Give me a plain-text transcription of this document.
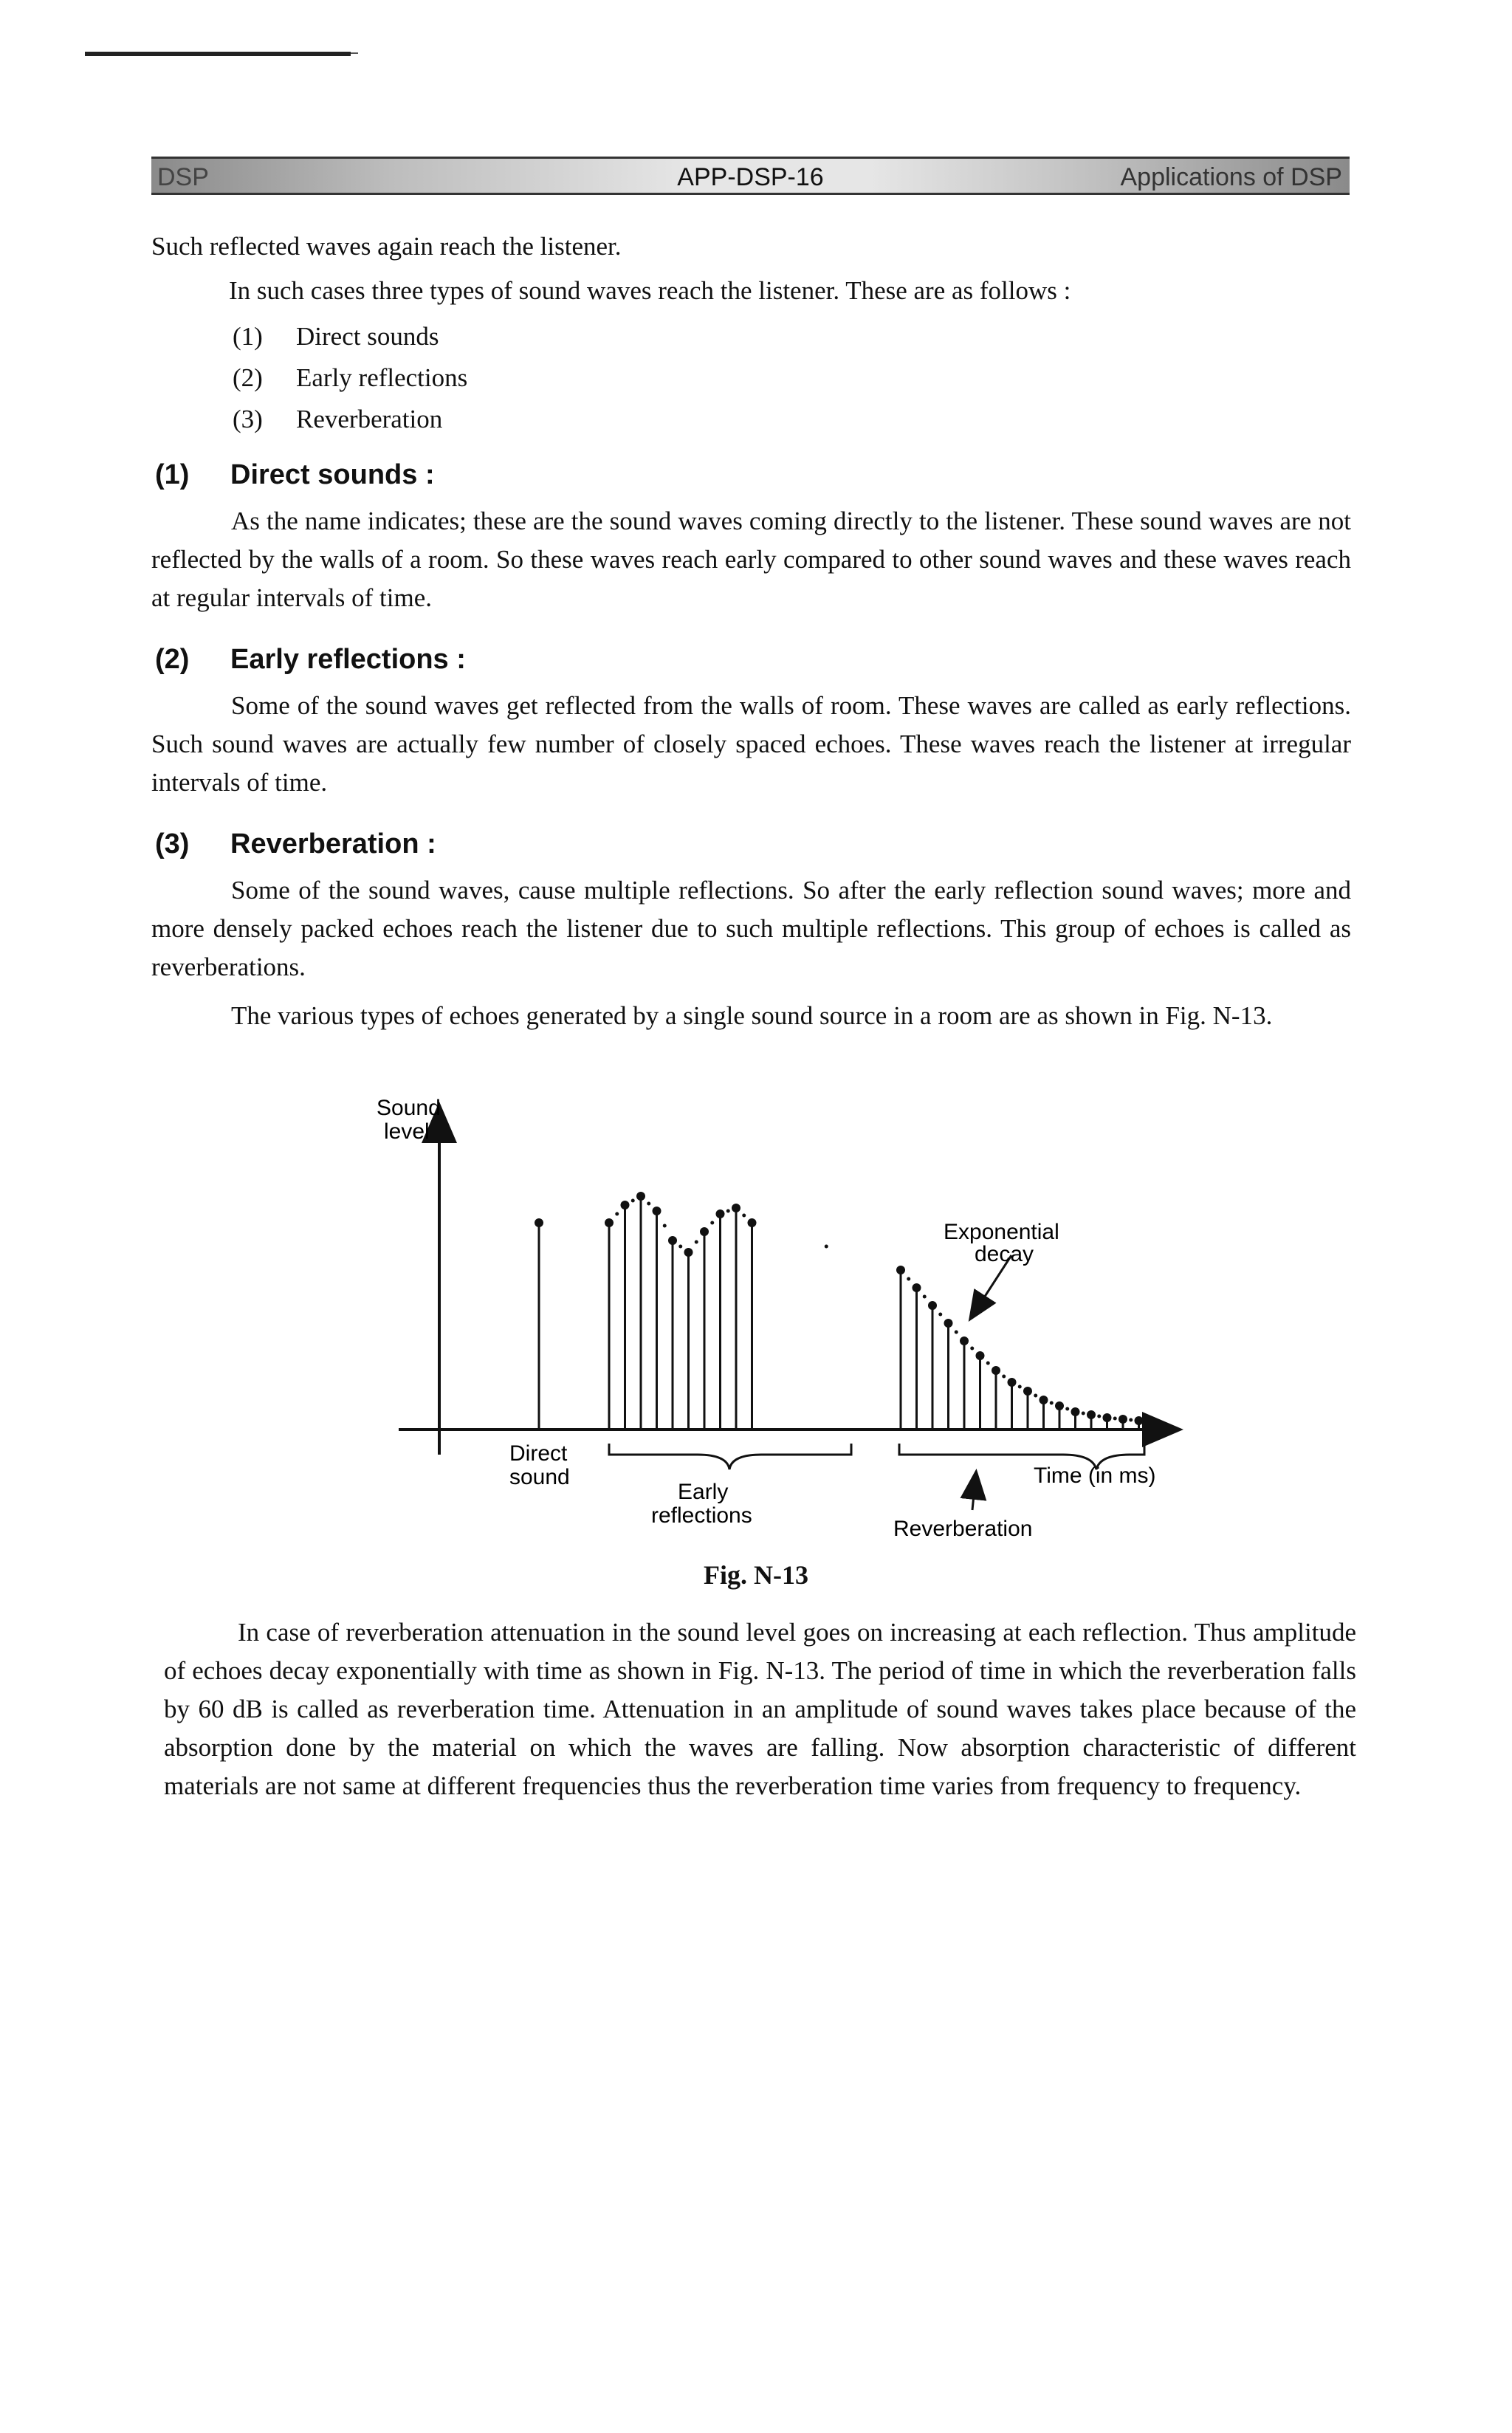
DSP	APP-DSP-16	Applications of DSP

Such reflected waves again reach the listener.

In such cases three types of sound waves reach the listener. These are as follows :

(1) Direct sounds
(2) Early reflections
(3) Reverberation
(1) Direct sounds :

As the name indicates; these are the sound waves coming directly to the listener. These sound waves are not reflected by the walls of a room. So these waves reach early compared to other sound waves and these waves reach at regular intervals of time.

(2) Early reflections :

Some of the sound waves get reflected from the walls of room. These waves are called as early reflections. Such sound waves are actually few number of closely spaced echoes. These waves reach the listener at irregular intervals of time.

(3) Reverberation :

Some of the sound waves, cause multiple reflections. So after the early reflection sound waves; more and more densely packed echoes reach the listener due to such multiple reflections. This group of echoes is called as reverberations.

The various types of echoes generated by a single sound source in a room are as shown in Fig. N-13.

Sound
level
Time (in ms)
Direct
sound
Early
reflections
Reverberation
Exponential
decay
Fig. N-13

In case of reverberation attenuation in the sound level goes on increasing at each reflection. Thus amplitude of echoes decay exponentially with time as shown in Fig. N-13. The period of time in which the reverberation falls by 60 dB is called as reverberation time. Attenuation in an amplitude of sound waves takes place because of the absorption done by the material on which the waves are falling. Now absorption characteristic of different materials are not same at different frequencies thus the reverberation time varies from frequency to frequency.
